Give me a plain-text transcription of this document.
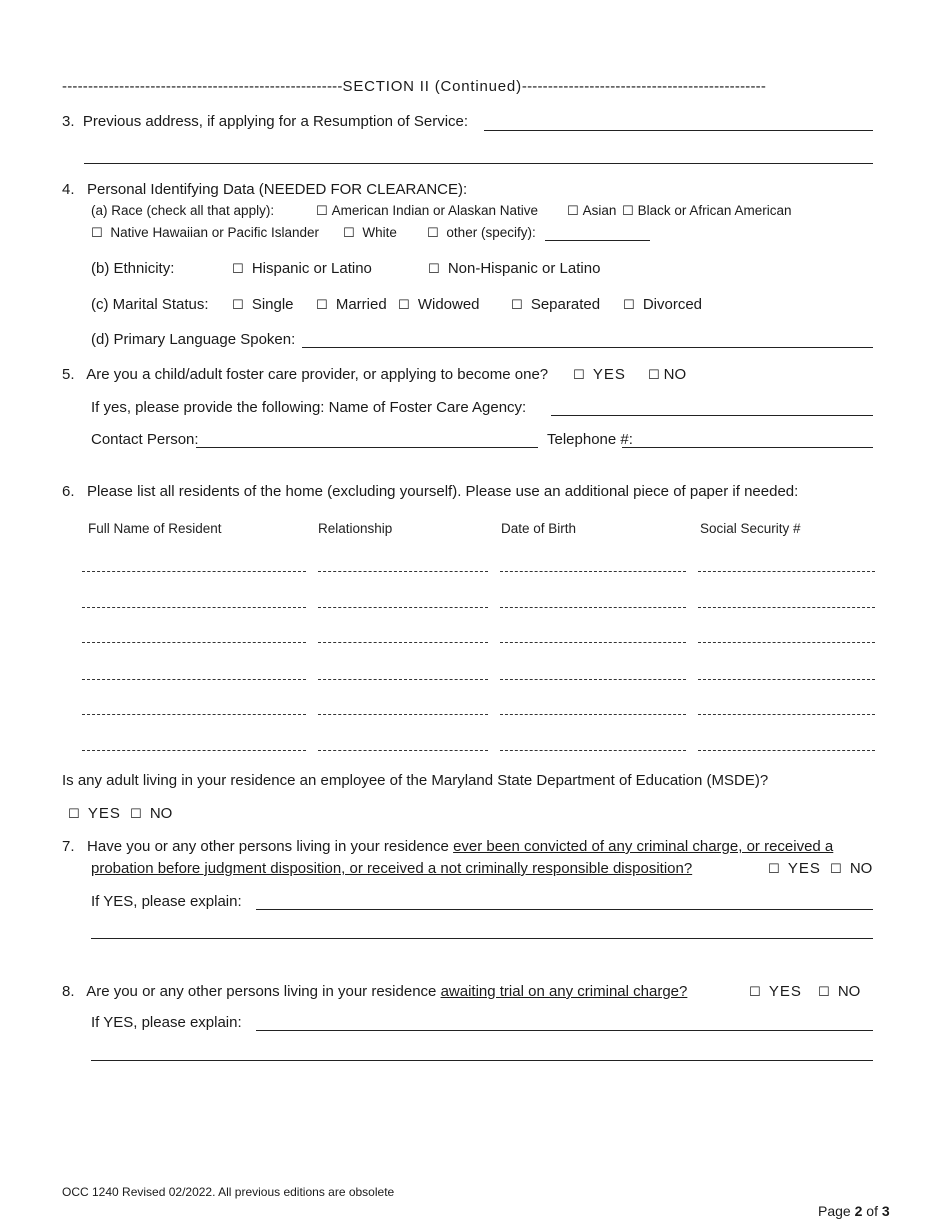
------------------------------------------------------SECTION II (Continued)-----------------------------------------------
3. Previous address, if applying for a Resumption of Service:
4. Personal Identifying Data (NEEDED FOR CLEARANCE):
(a) Race (check all that apply):	☐ American Indian or Alaskan Native ☐ Asian ☐ Black or African American
☐ Native Hawaiian or Pacific Islander ☐ White ☐ other (specify):
(b) Ethnicity:	☐ Hispanic or Latino	☐ Non-Hispanic or Latino
(c) Marital Status: ☐ Single ☐ Married ☐ Widowed ☐ Separated ☐ Divorced
(d) Primary Language Spoken:
5. Are you a child/adult foster care provider, or applying to become one? ☐ YES ☐ NO
If yes, please provide the following: Name of Foster Care Agency:
Contact Person:	Telephone #:
6. Please list all residents of the home (excluding yourself). Please use an additional piece of paper if needed:
Full Name of Resident	Relationship	Date of Birth	Social Security #
Is any adult living in your residence an employee of the Maryland State Department of Education (MSDE)?
☐ YES ☐ NO
7. Have you or any other persons living in your residence ever been convicted of any criminal charge, or received a
probation before judgment disposition, or received a not criminally responsible disposition?	☐ YES ☐ NO
If YES, please explain:
8. Are you or any other persons living in your residence awaiting trial on any criminal charge?	☐ YES ☐ NO
If YES, please explain:
OCC 1240 Revised 02/2022. All previous editions are obsolete
Page 2 of 3
